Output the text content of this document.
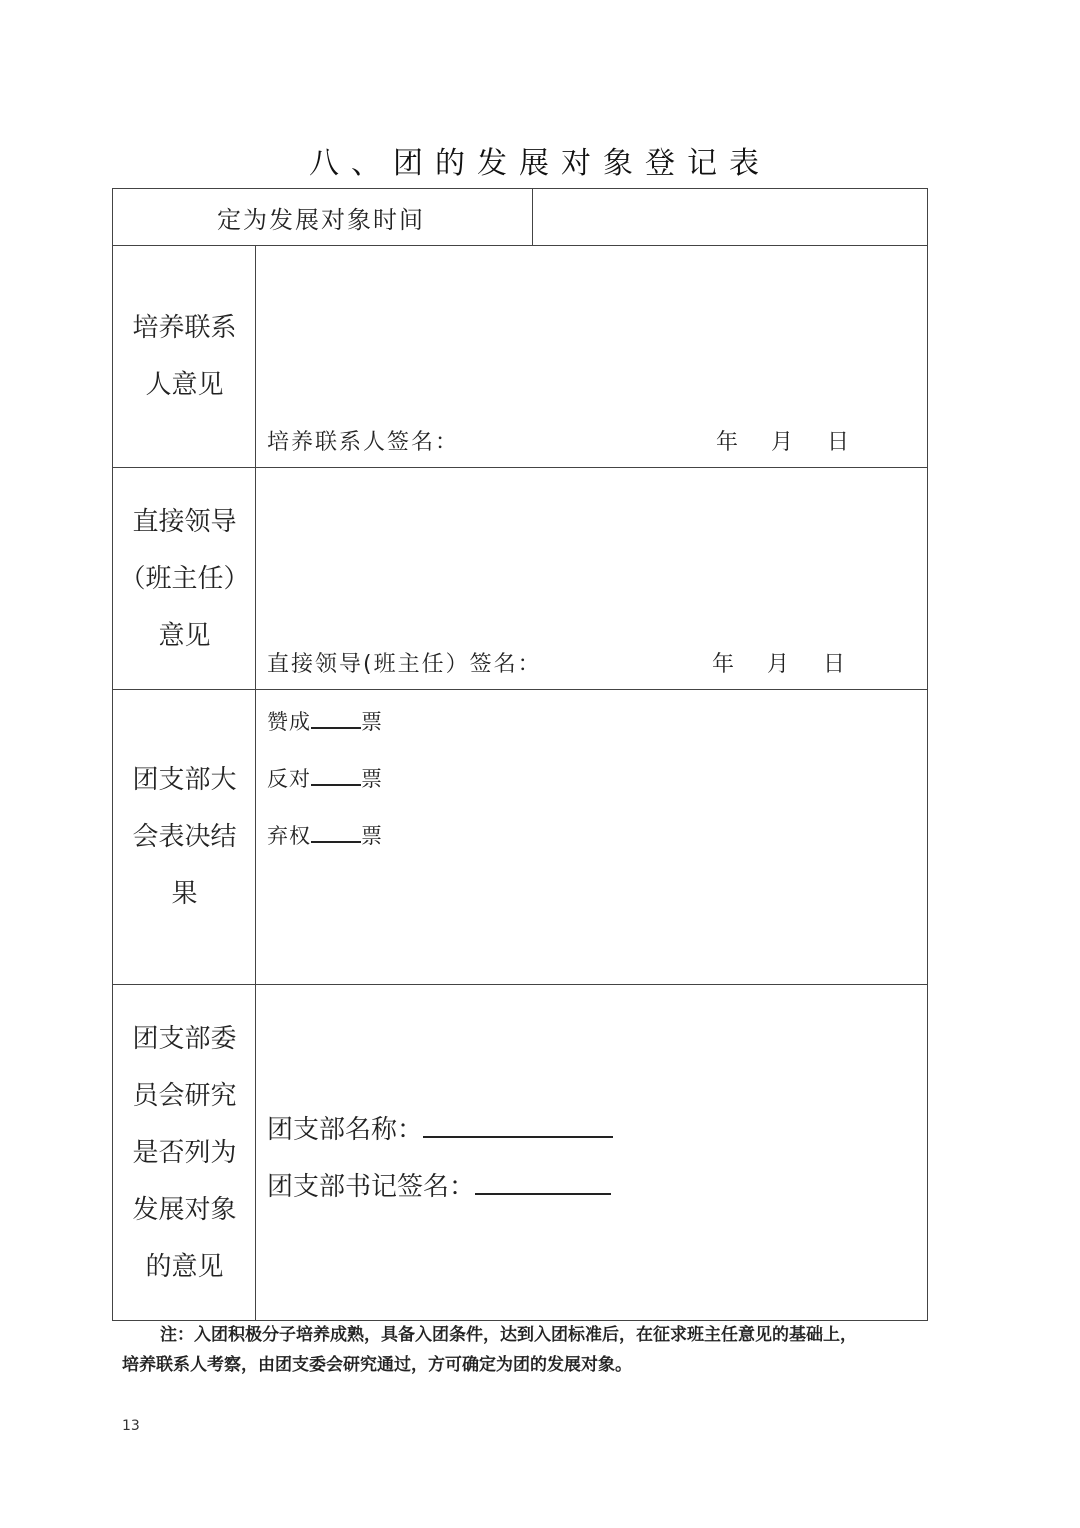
八、团的发展对象登记表
定为发展对象时间
培养联系
人意见
培养联系人签名：	年 月 日
直接领导
（班主任）
意见
直接领导(班主任）签名：	年 月 日
团支部大
会表决结
果
赞成 票
反对 票
弃权 票
团支部委
员会研究
是否列为
发展对象
的意见
团支部名称：
团支部书记签名：
注：入团积极分子培养成熟，具备入团条件，达到入团标准后，在征求班主任意见的基础上，
培养联系人考察，由团支委会研究通过，方可确定为团的发展对象。
13
